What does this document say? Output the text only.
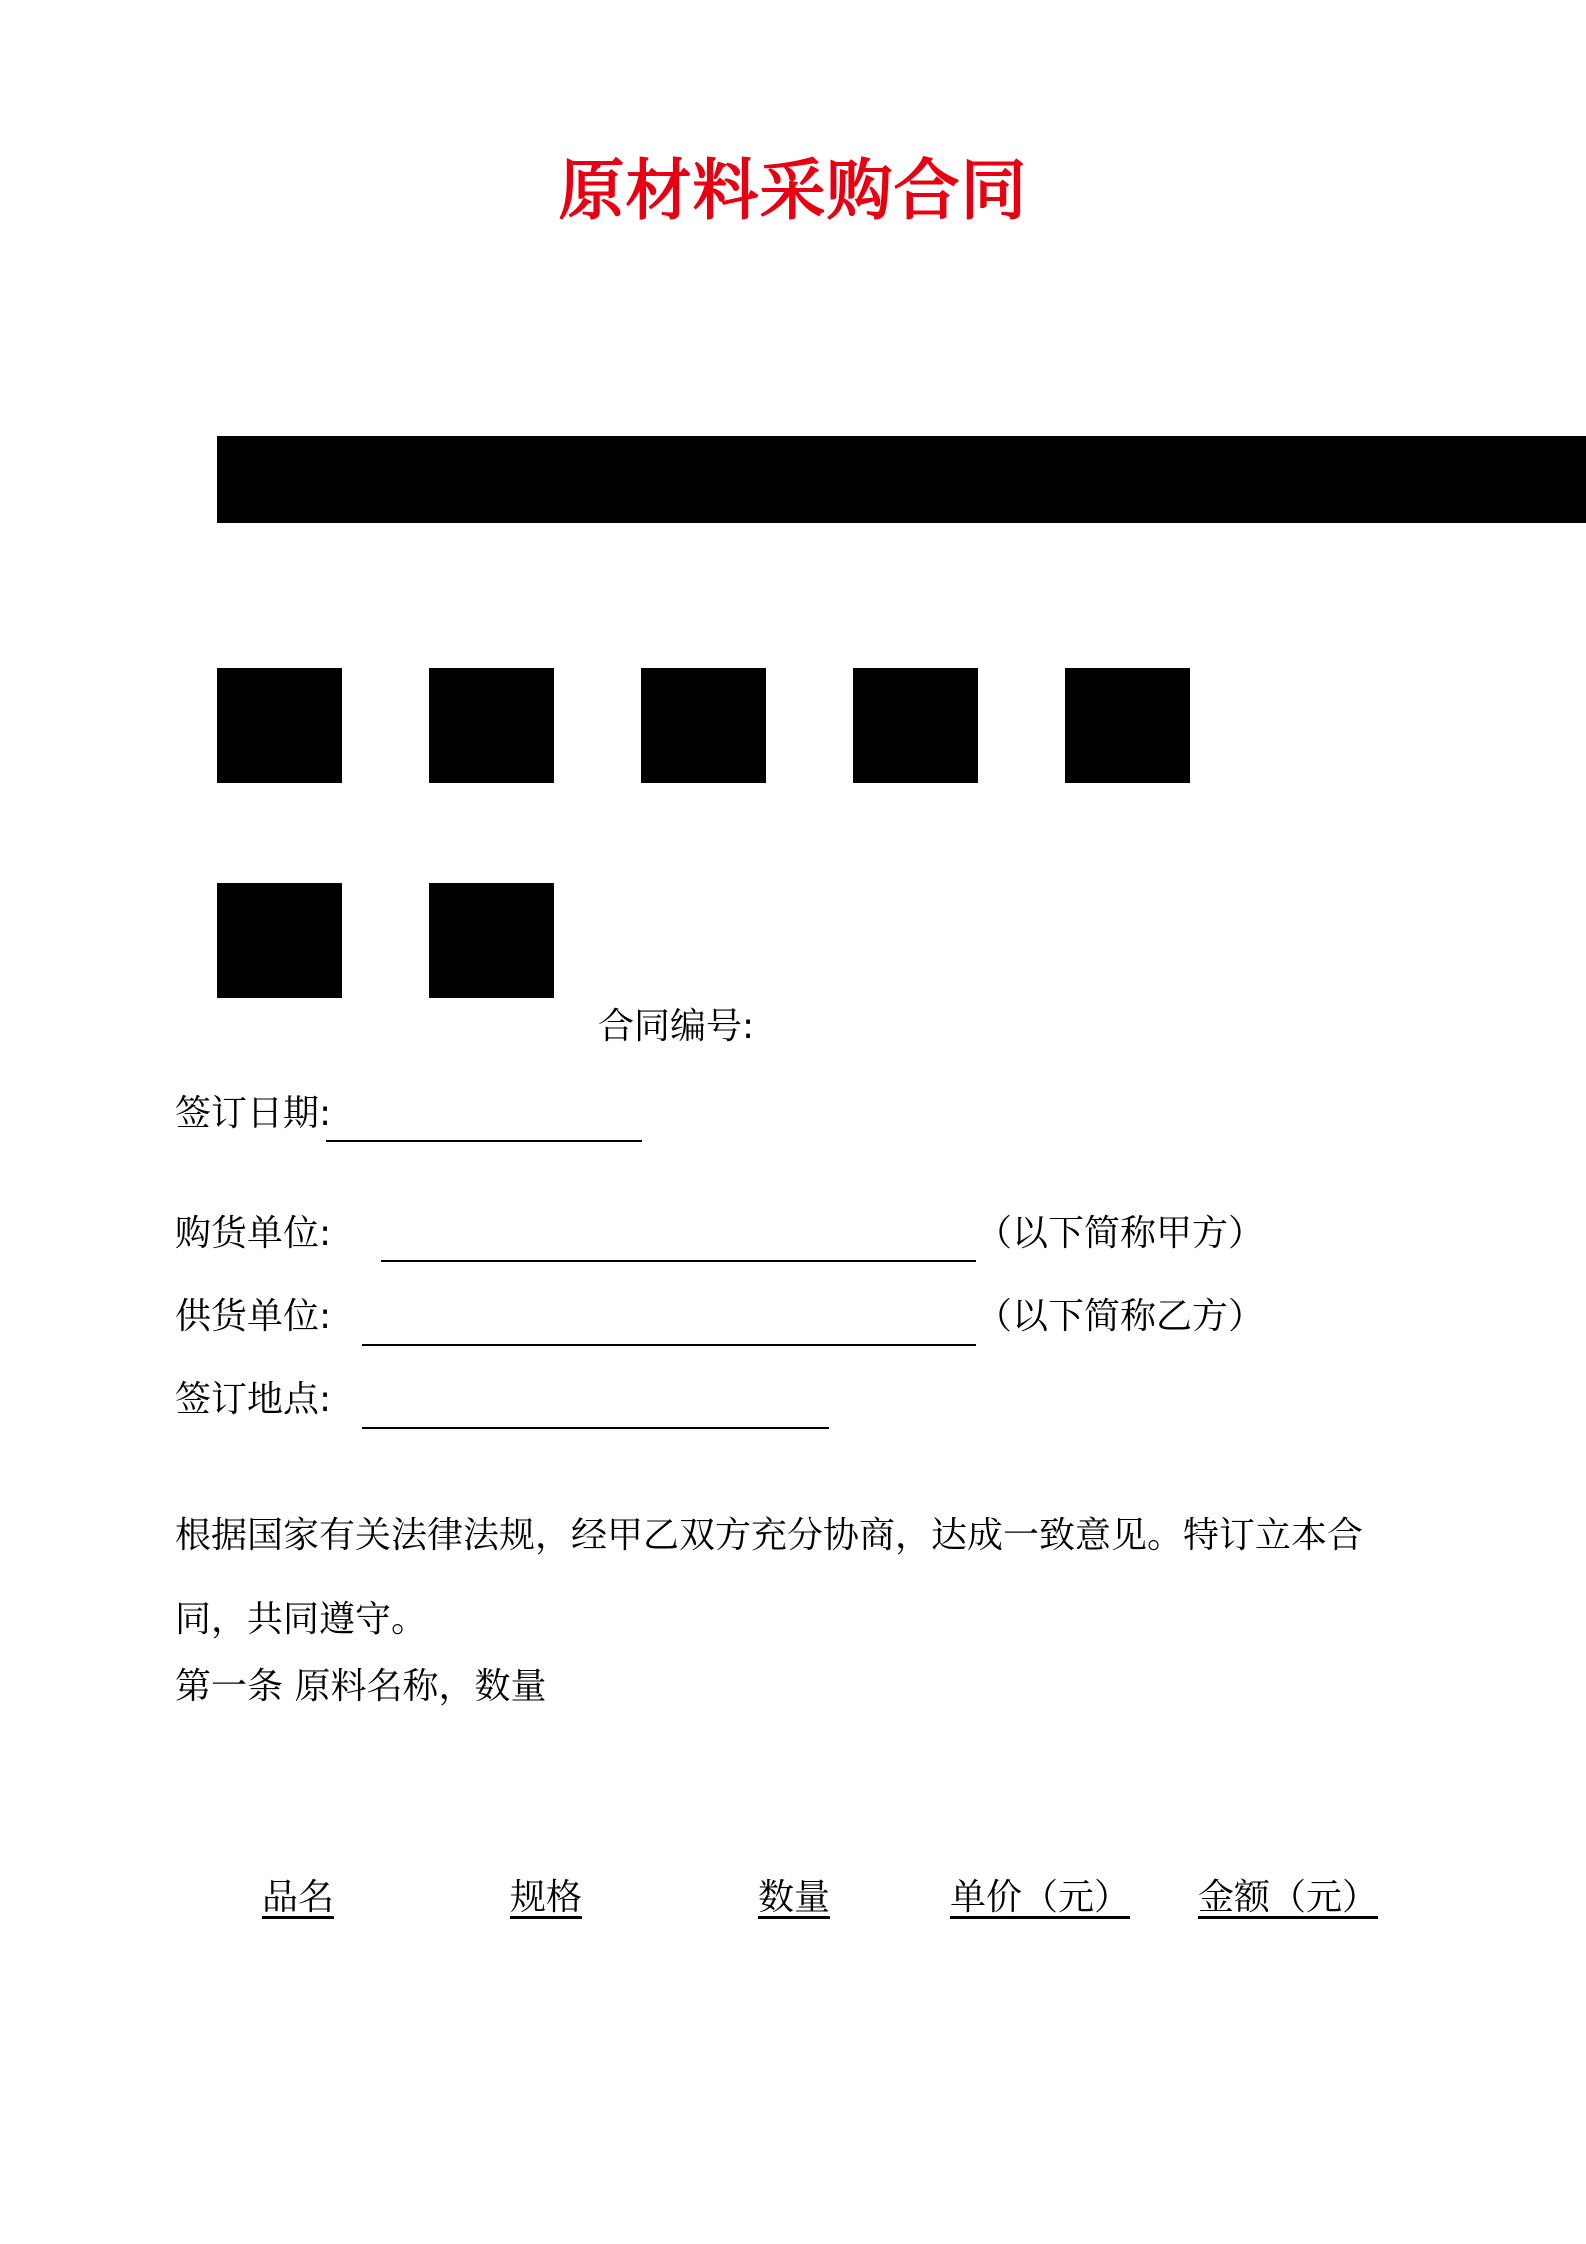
原材料采购合同
合同编号:
签订日期:
购货单位:	（以下简称甲方）
供货单位:	（以下简称乙方）
签订地点:
根据国家有关法律法规，经甲乙双方充分协商，达成一致意见。特订立本合同，共同遵守。
第一条 原料名称，数量
品名	规格	数量	单价（元） 金额（元）
